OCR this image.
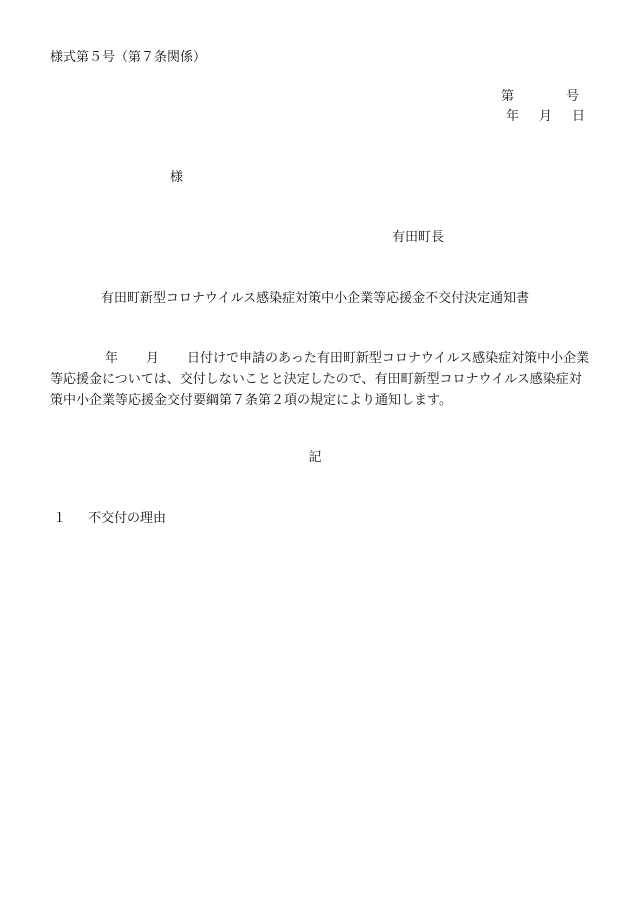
様式第５号（第７条関係）
第	号
年 月 日
様
有田町長
有田町新型コロナウイルス感染症対策中小企業等応援金不交付決定通知書
年 月 日付けで申請のあった有田町新型コロナウイルス感染症対策中小企業等応援金については、交付しないことと決定したので、有田町新型コロナウイルス感染症対策中小企業等応援金交付要綱第７条第２項の規定により通知します。
記
１ 不交付の理由
